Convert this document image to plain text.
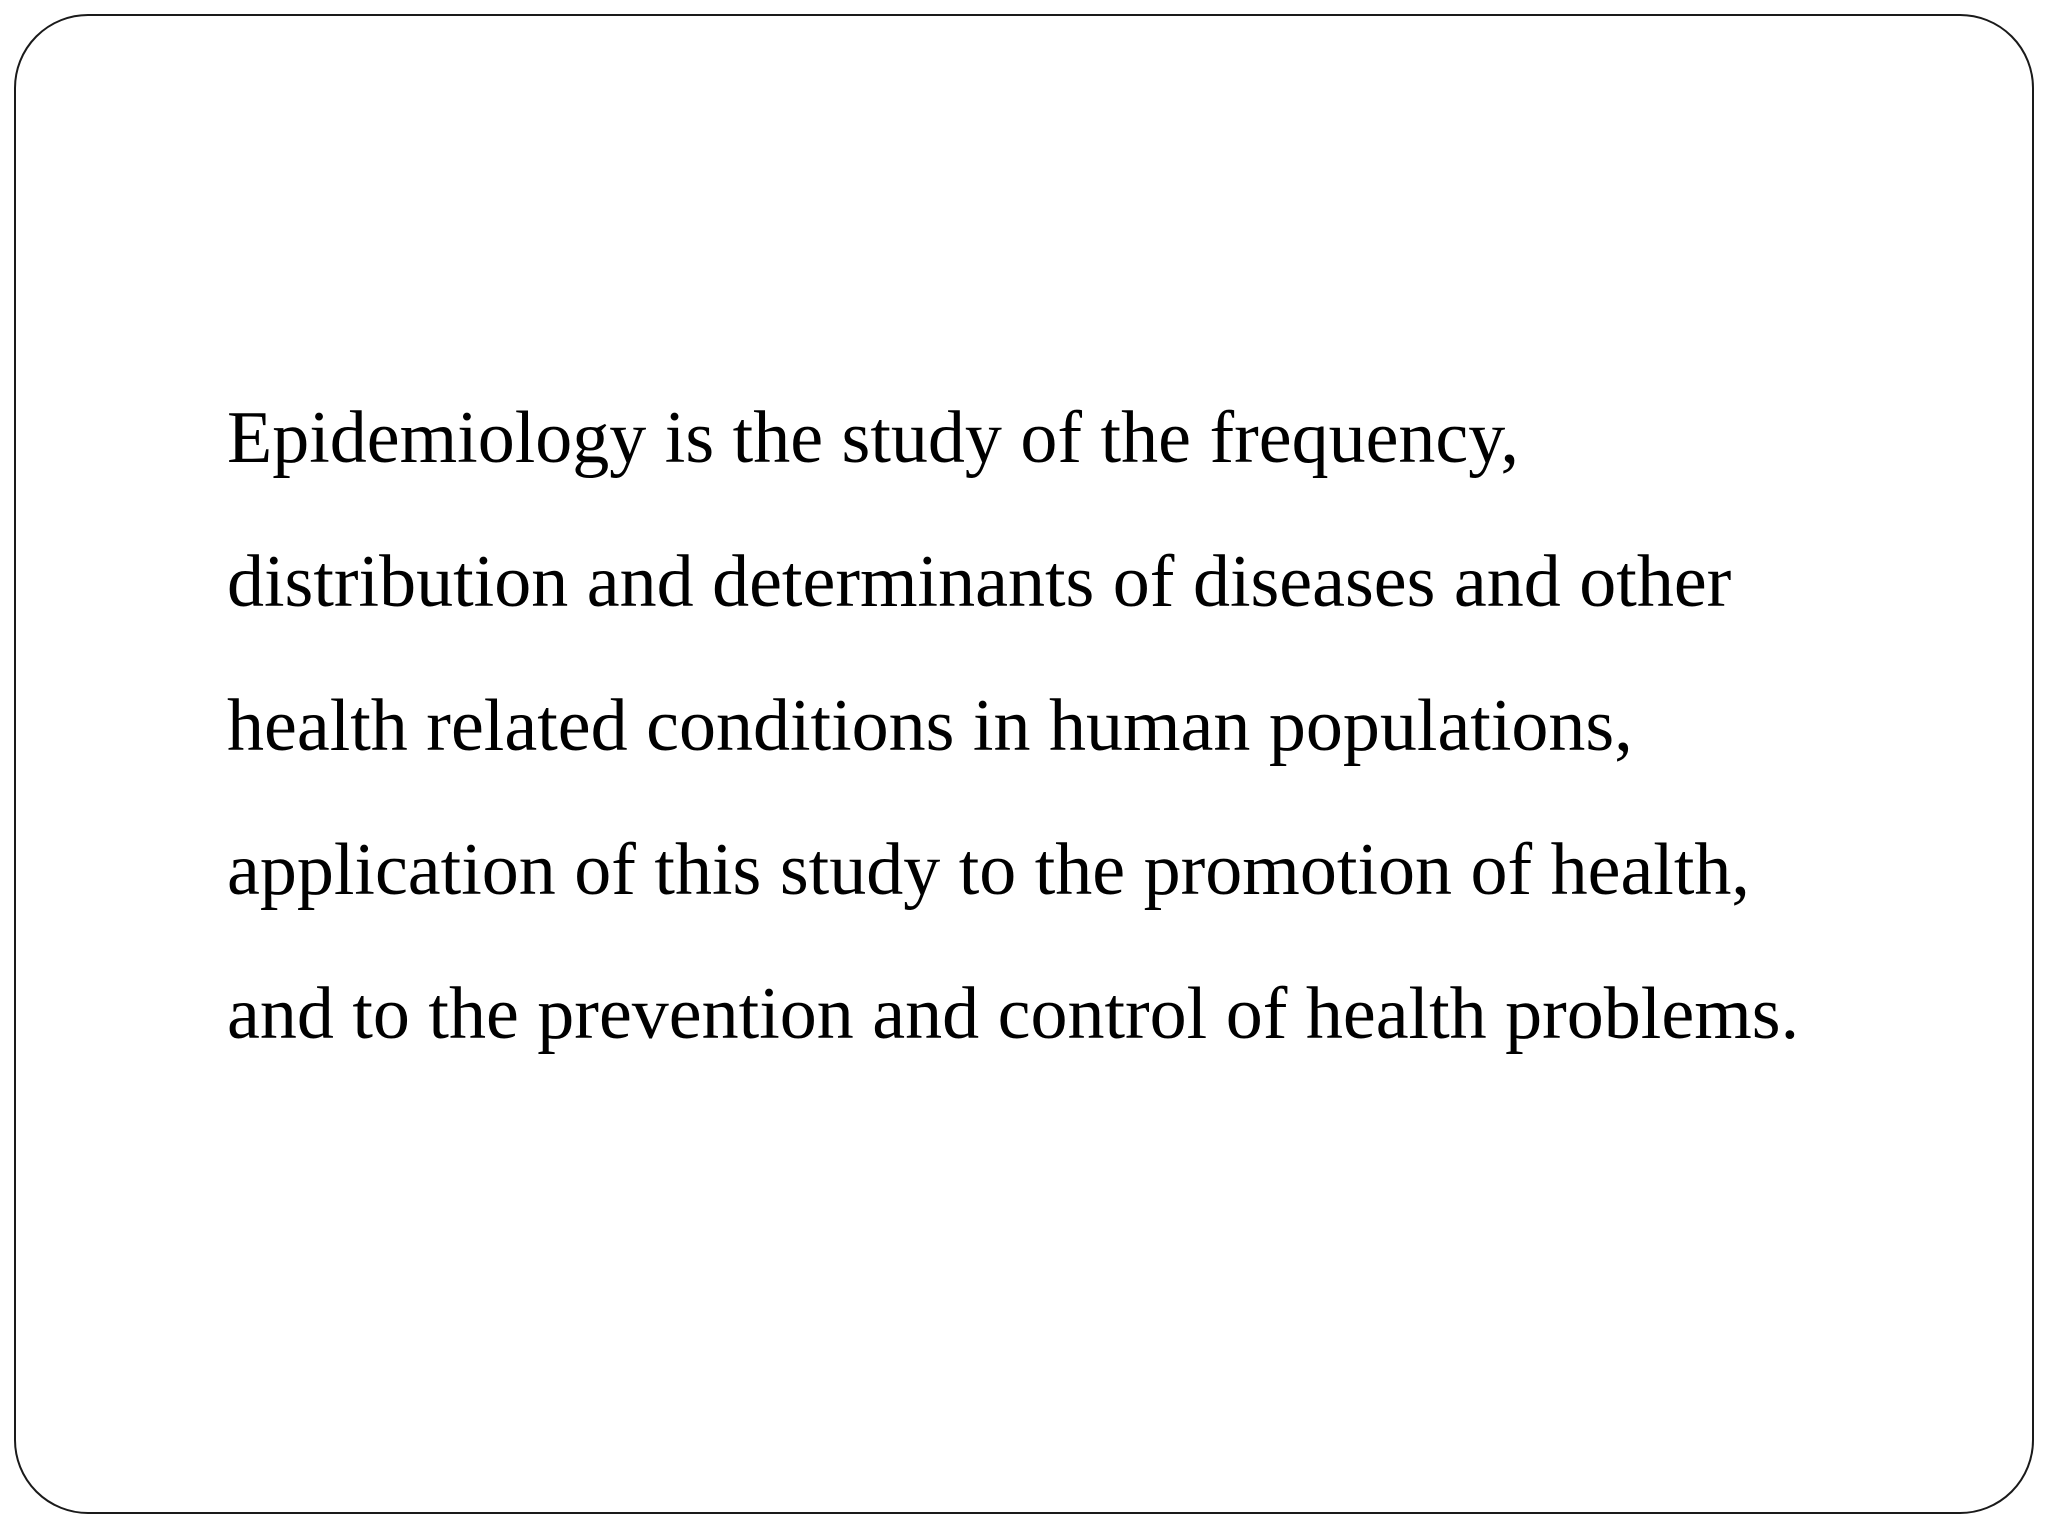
Epidemiology is the study of the frequency,
distribution and determinants of diseases and other
health related conditions in human populations,
application of this study to the promotion of health,
and to the prevention and control of health problems.
